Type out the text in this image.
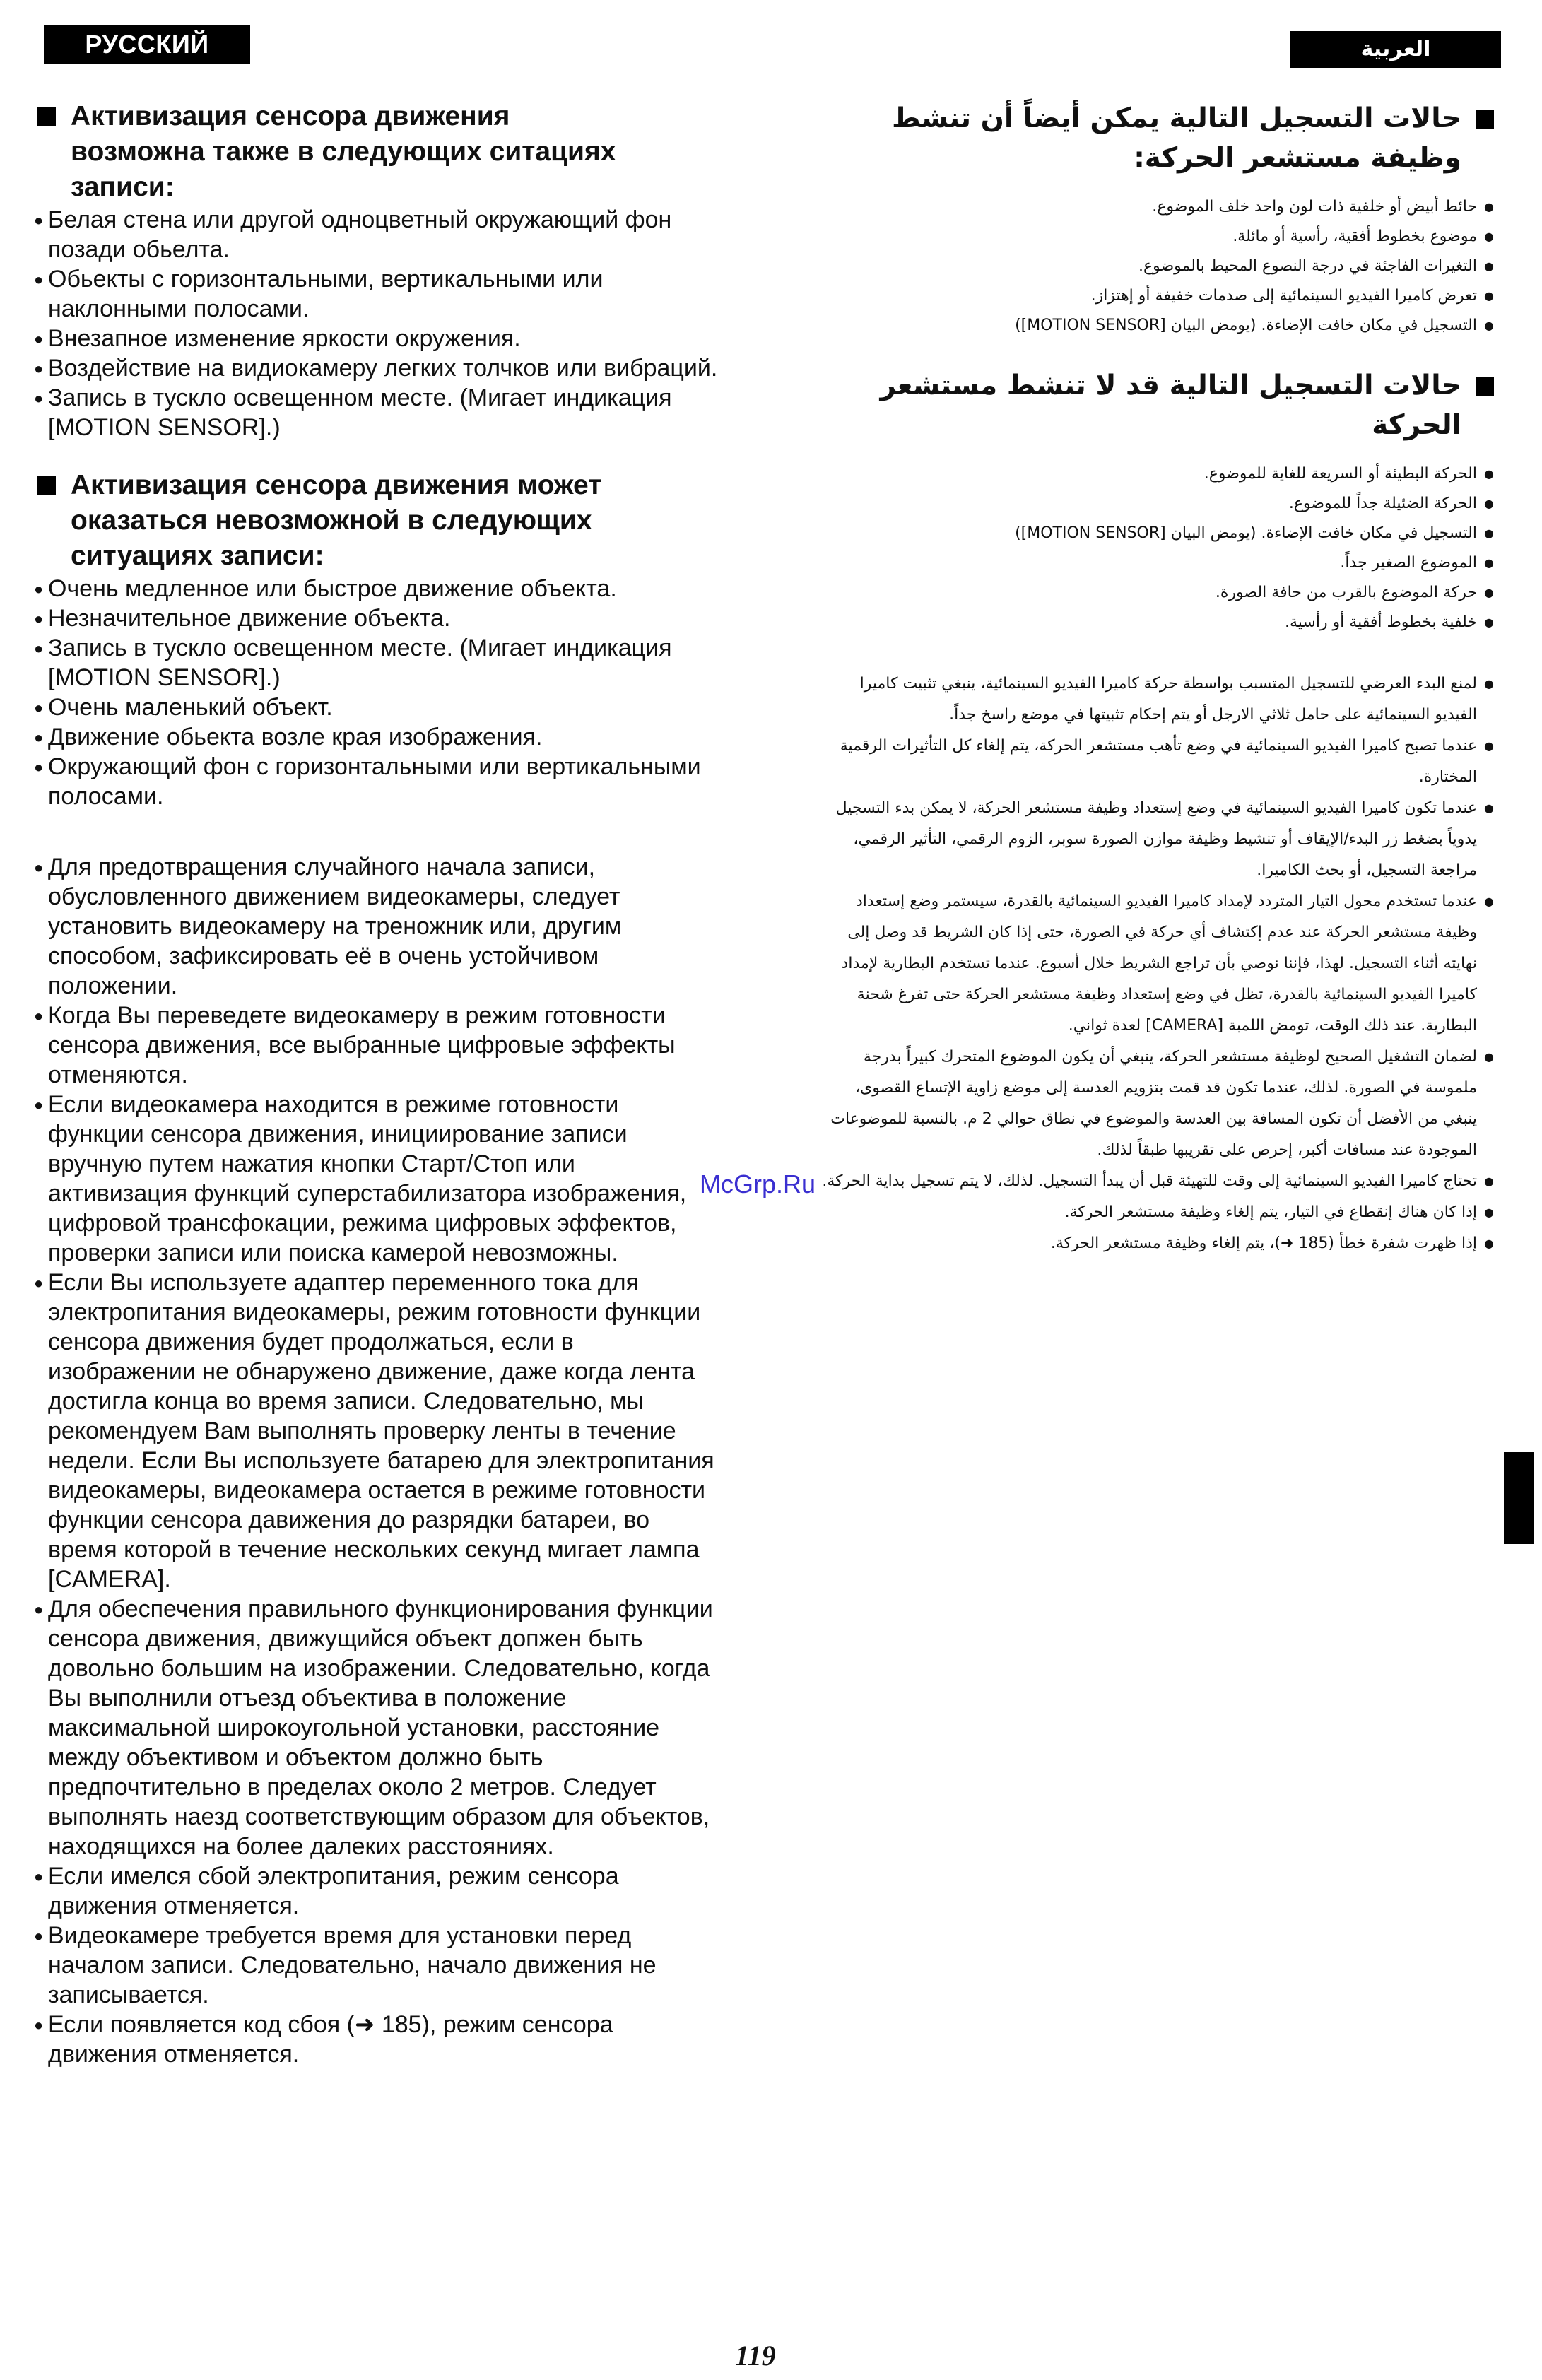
РУССКИЙ ЯЗЫК
العربية
Активизация сенсора движения
возможна также в следующих ситациях
записи:
● Белая стена или другой одноцветный окружающий фон позади обьелта.
● Обьекты с горизонтальными, вертикальными или наклонными полосами.
● Внезапное изменение яркости окружения.
● Воздействие на видиокамеру легких толчков или вибраций.
● Запись в тускло освещенном месте. (Мигает индикация [MOTION SENSOR].)
Активизация сенсора движения может
оказаться невозможной в следующих
ситуациях записи:
● Очень медленное или быстрое движение объекта.
● Незначительное движение объекта.
● Запись в тускло освещенном месте. (Мигает индикация [MOTION SENSOR].)
● Очень маленький объект.
● Движение обьекта возле края изображения.
● Окружающий фон с горизонтальными или вертикальными полосами.
● Для предотвращения случайного начала записи, обусловленного движением видеокамеры, следует установить видеокамеру на треножник или, другим способом, зафиксировать её в очень устойчивом положении.
● Когда Вы переведете видеокамеру в режим готовности сенсора движения, все выбранные цифровые эффекты отменяются.
● Если видеокамера находится в режиме готовности функции сенсора движения, инициирование записи вручную путем нажатия кнопки Старт/Стоп или активизация функций суперстабилизатора изображения, цифровой трансфокации, режима цифровых эффектов, проверки записи или поиска камерой невозможны.
● Если Вы используете адаптер переменного тока для электропитания видеокамеры, режим готовности функции сенсора движения будет продолжаться, если в изображении не обнаружено движение, даже когда лента достигла конца во время записи. Следовательно, мы рекомендуем Вам выполнять проверку ленты в течение недели. Если Вы используете батарею для электропитания видеокамеры, видеокамера остается в режиме готовности функции сенсора давижения до разрядки батареи, во время которой в течение нескольких секунд мигает лампа [CAMERA].
● Для обеспечения правильного функционирования функции сенсора движения, движущийся объект допжен быть довольно большим на изображении. Следовательно, когда Вы выполнили отъезд объектива в положение максимальной широкоугольной установки, расстояние между объективом и объектом должно быть предпочтительно в пределах около 2 метров. Следует выполнять наезд соответствующим образом для объектов, находящихся на более далеких расстояниях.
● Если имелся сбой электропитания, режим сенсора движения отменяется.
● Видеокамере требуется время для установки перед началом записи. Следовательно, начало движения не записывается.
● Если появляется код сбоя (➜ 185), режим сенсора движения отменяется.
حالات التسجيل التالية يمكن أيضاً أن تنشط
وظيفة مستشعر الحركة:
● حائط أبيض أو خلفية ذات لون واحد خلف الموضوع.
● موضوع بخطوط أفقية، رأسية أو مائلة.
● التغيرات الفاجئة في درجة النصوع المحيط بالموضوع.
● تعرض كاميرا الفيديو السينمائية إلى صدمات خفيفة أو إهتزاز.
● التسجيل في مكان خافت الإضاءة. (يومض البيان [MOTION SENSOR])
حالات التسجيل التالية قد لا تنشط مستشعر
الحركة
● الحركة البطيئة أو السريعة للغاية للموضوع.
● الحركة الضئيلة جداً للموضوع.
● التسجيل في مكان خافت الإضاءة. (يومض البيان [MOTION SENSOR])
● الموضوع الصغير جداً.
● حركة الموضوع بالقرب من حافة الصورة.
● خلفية بخطوط أفقية أو رأسية.
● لمنع البدء العرضي للتسجيل المتسبب بواسطة حركة كاميرا الفيديو السينمائية، ينبغي تثبيت كاميرا الفيديو السينمائية على حامل ثلاثي الارجل أو يتم إحكام تثبيتها في موضع راسخ جداً.
● عندما تصبح كاميرا الفيديو السينمائية في وضع تأهب مستشعر الحركة، يتم إلغاء كل التأثيرات الرقمية المختارة.
● عندما تكون كاميرا الفيديو السينمائية في وضع إستعداد وظيفة مستشعر الحركة، لا يمكن بدء التسجيل يدوياً بضغط زر البدء/الإيقاف أو تنشيط وظيفة موازن الصورة سوبر، الزوم الرقمي، التأثير الرقمي، مراجعة التسجيل، أو بحث الكاميرا.
● عندما تستخدم محول التيار المتردد لإمداد كاميرا الفيديو السينمائية بالقدرة، سيستمر وضع إستعداد وظيفة مستشعر الحركة عند عدم إكتشاف أي حركة في الصورة، حتى إذا كان الشريط قد وصل إلى نهايته أثناء التسجيل. لهذا، فإننا نوصي بأن تراجع الشريط خلال أسبوع. عندما تستخدم البطارية لإمداد كاميرا الفيديو السينمائية بالقدرة، تظل في وضع إستعداد وظيفة مستشعر الحركة حتى تفرغ شحنة البطارية. عند ذلك الوقت، تومض اللمبة [CAMERA] لعدة ثواني.
● لضمان التشغيل الصحيح لوظيفة مستشعر الحركة، ينبغي أن يكون الموضوع المتحرك كبيراً بدرجة ملموسة في الصورة. لذلك، عندما تكون قد قمت بتزويم العدسة إلى موضع زاوية الإتساع القصوى، ينبغي من الأفضل أن تكون المسافة بين العدسة والموضوع في نطاق حوالي 2 م. بالنسبة للموضوعات الموجودة عند مسافات أكبر، إحرص على تقريبها طبقاً لذلك.
● تحتاج كاميرا الفيديو السينمائية إلى وقت للتهيئة قبل أن يبدأ التسجيل. لذلك، لا يتم تسجيل بداية الحركة.
● إذا كان هناك إنقطاع في التيار، يتم إلغاء وظيفة مستشعر الحركة.
● إذا ظهرت شفرة خطأ (185 ➜)، يتم إلغاء وظيفة مستشعر الحركة.
McGrp.Ru
119
